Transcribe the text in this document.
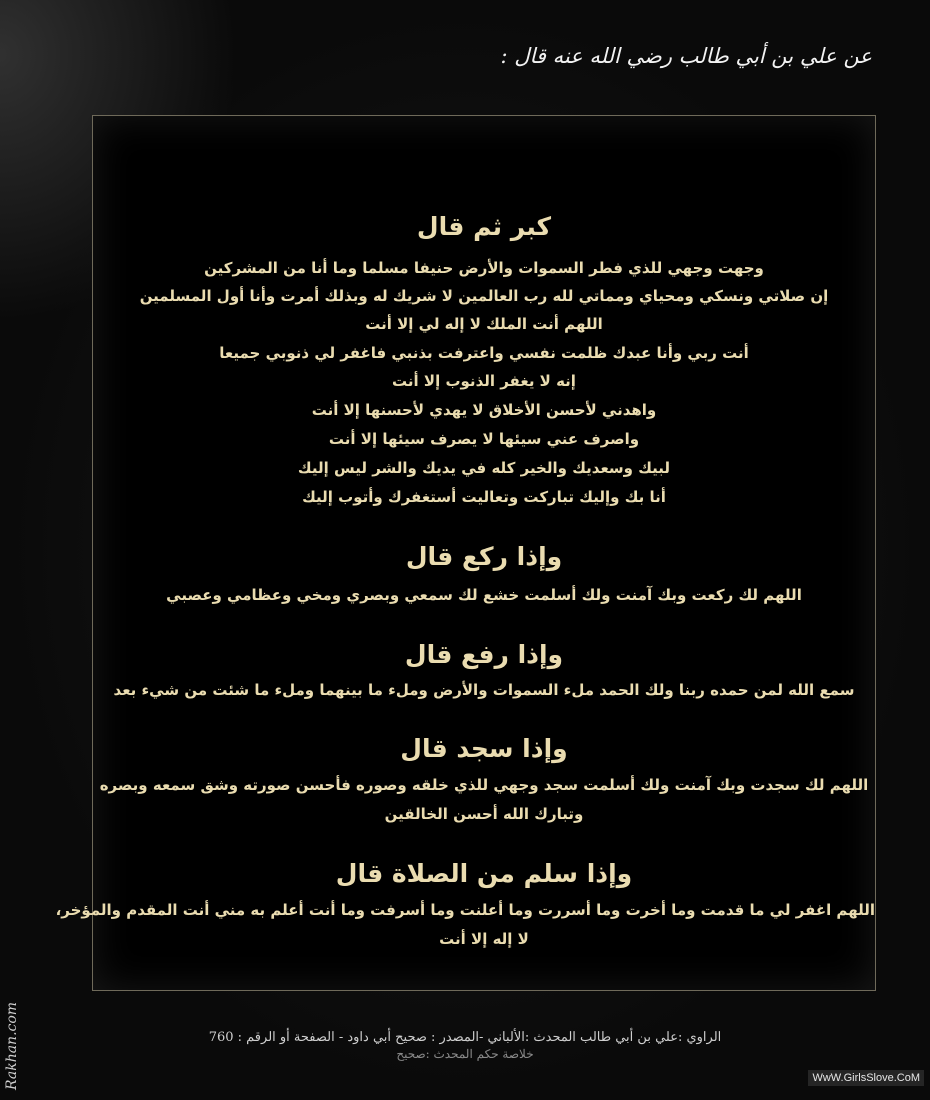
عن علي بن أبي طالب رضي الله عنه قال :
كان رسول الله صلى الله عليه وسلم إذا قام إلى الصلاة
كبر ثم قال
وجهت وجهي للذي فطر السموات والأرض حنيفا مسلما وما أنا من المشركين
إن صلاتي ونسكي ومحياي ومماتي لله رب العالمين لا شريك له وبذلك أمرت وأنا أول المسلمين
اللهم أنت الملك لا إله لي إلا أنت
أنت ربي وأنا عبدك ظلمت نفسي واعترفت بذنبي فاغفر لي ذنوبي جميعا
إنه لا يغفر الذنوب إلا أنت
واهدني لأحسن الأخلاق لا يهدي لأحسنها إلا أنت
واصرف عني سيئها لا يصرف سيئها إلا أنت
لبيك وسعديك والخير كله في يديك والشر ليس إليك
أنا بك وإليك تباركت وتعاليت أستغفرك وأتوب إليك
وإذا ركع قال
اللهم لك ركعت وبك آمنت ولك أسلمت خشع لك سمعي وبصري ومخي وعظامي وعصبي
وإذا رفع قال
سمع الله لمن حمده ربنا ولك الحمد ملء السموات والأرض وملء ما بينهما وملء ما شئت من شيء بعد
وإذا سجد قال
اللهم لك سجدت وبك آمنت ولك أسلمت سجد وجهي للذي خلقه وصوره فأحسن صورته وشق سمعه وبصره
وتبارك الله أحسن الخالقين
وإذا سلم من الصلاة قال
اللهم اغفر لي ما قدمت وما أخرت وما أسررت وما أعلنت وما أسرفت وما أنت أعلم به مني أنت المقدم والمؤخر،
لا إله إلا أنت
الراوي :علي بن أبي طالب المحدث :الألباني -المصدر : صحيح أبي داود - الصفحة أو الرقم : 760
خلاصة حكم المحدث :صحيح
Rakhan.com	WwW.GirlsSlove.CoM
